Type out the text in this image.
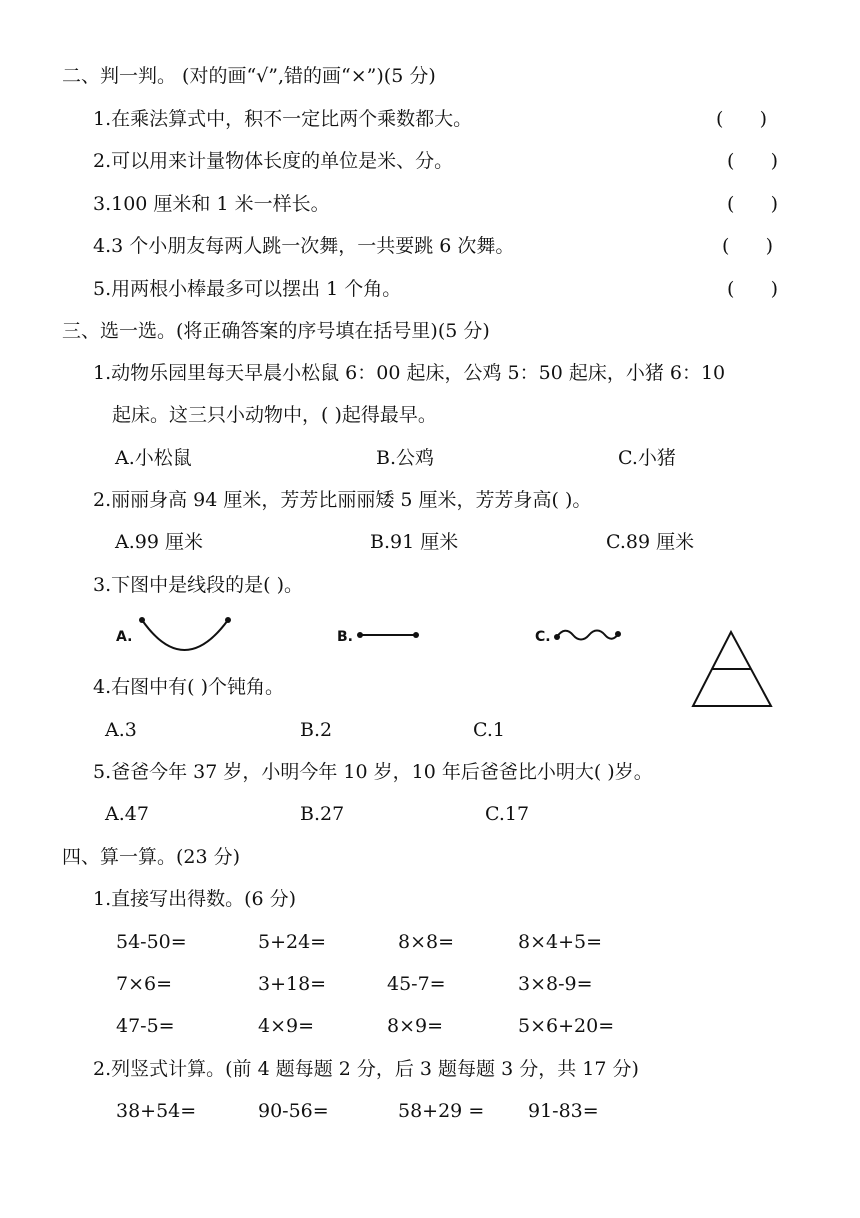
二、判一判。 (对的画“√”,错的画“×”)(5 分)
1.在乘法算式中，积不一定比两个乘数都大。	(      )
2.可以用来计量物体长度的单位是米、分。	(      )
3.100 厘米和 1 米一样长。	(      )
4.3 个小朋友每两人跳一次舞，一共要跳 6 次舞。	(      )
5.用两根小棒最多可以摆出 1 个角。	(      )
三、选一选。(将正确答案的序号填在括号里)(5 分)
1.动物乐园里每天早晨小松鼠 6：00 起床，公鸡 5：50 起床，小猪 6：10
起床。这三只小动物中，( )起得最早。
A.小松鼠	B.公鸡	C.小猪
2.丽丽身高 94 厘米，芳芳比丽丽矮 5 厘米，芳芳身高( )。
A.99 厘米	B.91 厘米	C.89 厘米
3.下图中是线段的是( )。
A.	B.	C.
4.右图中有( )个钝角。
A.3	B.2	C.1
5.爸爸今年 37 岁，小明今年 10 岁，10 年后爸爸比小明大( )岁。
A.47	B.27	C.17
四、算一算。(23 分)
1.直接写出得数。(6 分)
54-50=	5+24=	8×8=	8×4+5=
7×6=	3+18=	45-7=	3×8-9=
47-5=	4×9=	8×9=	5×6+20=
2.列竖式计算。(前 4 题每题 2 分，后 3 题每题 3 分，共 17 分)
38+54=	90-56=	58+29 = 91-83=
